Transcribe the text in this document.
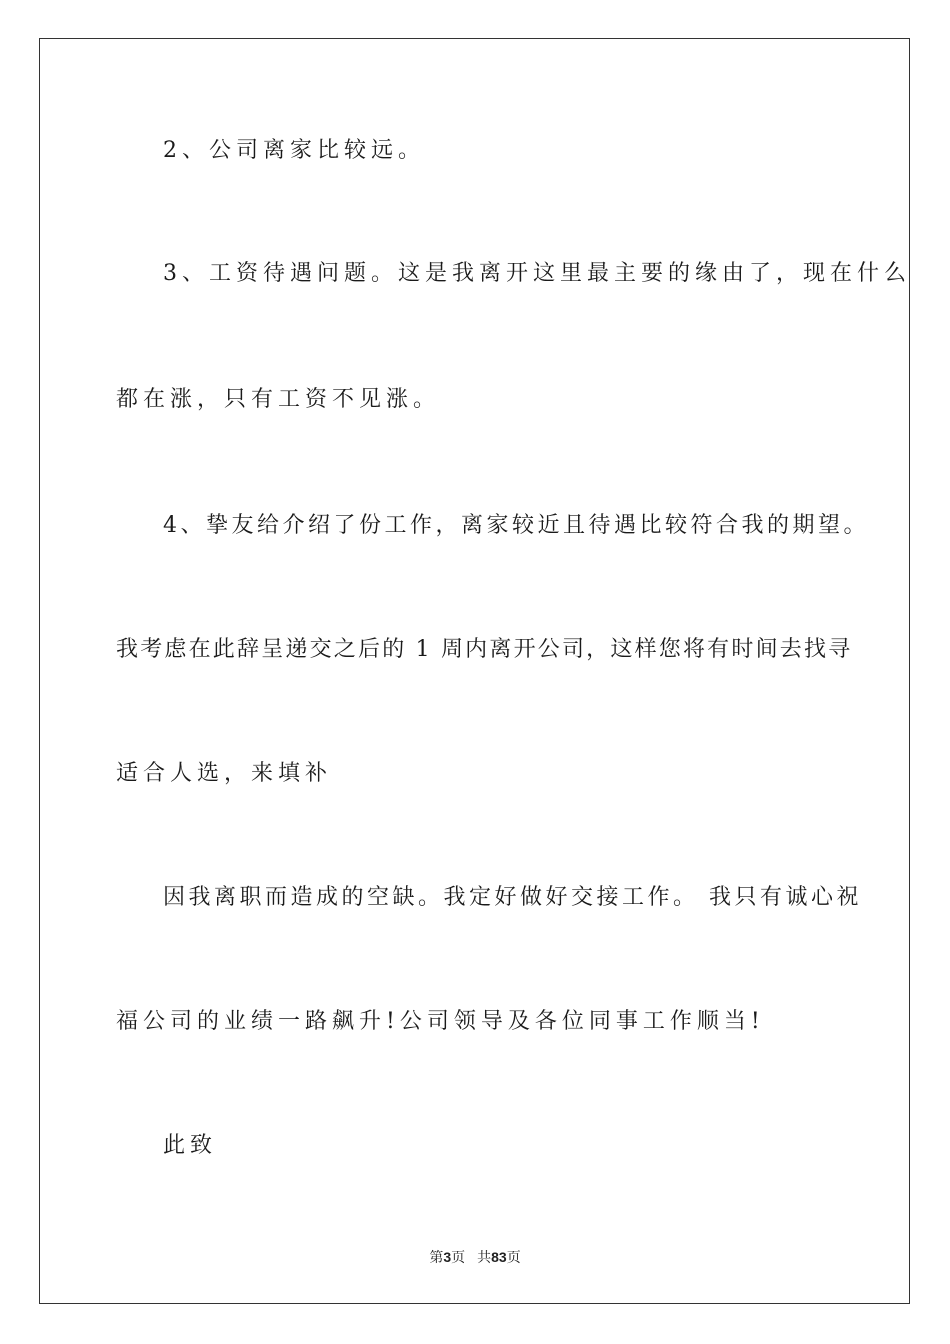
2、公司离家比较远。
3、工资待遇问题。这是我离开这里最主要的缘由了，现在什么
都在涨，只有工资不见涨。
4、挚友给介绍了份工作，离家较近且待遇比较符合我的期望。
我考虑在此辞呈递交之后的 1 周内离开公司，这样您将有时间去找寻
适合人选，来填补
因我离职而造成的空缺。我定好做好交接工作。 我只有诚心祝
福公司的业绩一路飙升!公司领导及各位同事工作顺当!
此致
第3页 共83页
